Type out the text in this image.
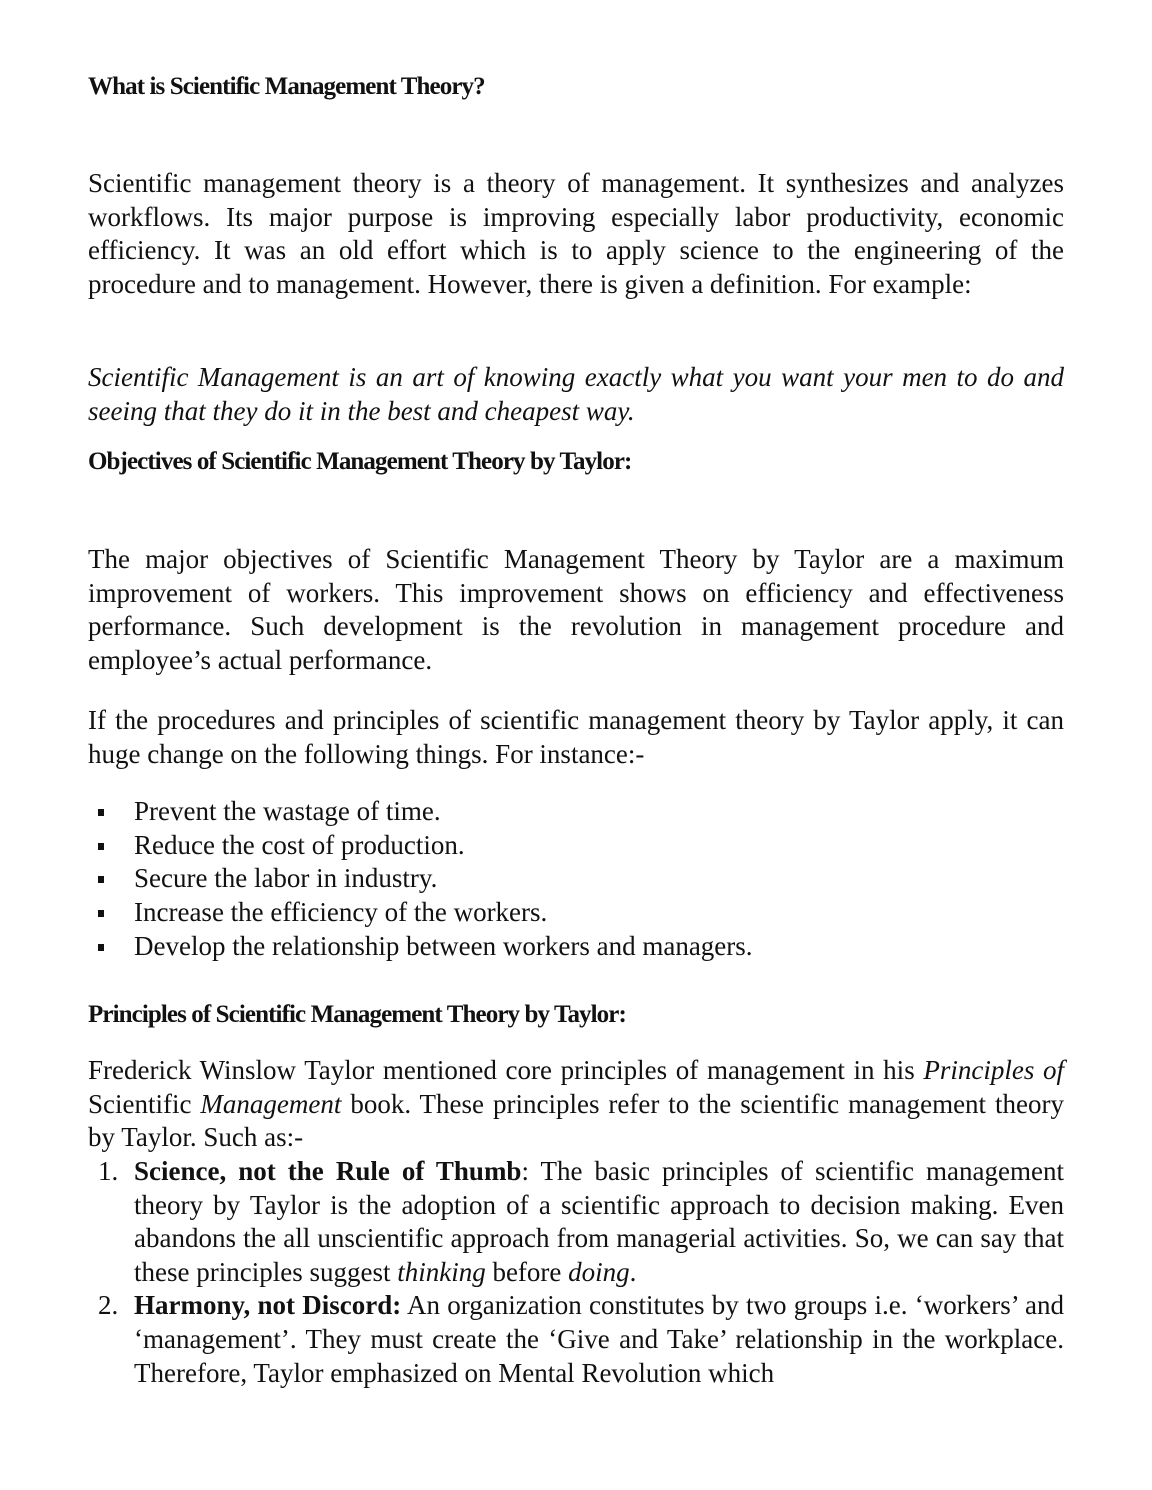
What is Scientific Management Theory?

Scientific management theory is a theory of management. It synthesizes and analyzes workflows. Its major purpose is improving especially labor productivity, economic efficiency. It was an old effort which is to apply science to the engineering of the procedure and to management. However, there is given a definition. For example:

Scientific Management is an art of knowing exactly what you want your men to do and seeing that they do it in the best and cheapest way.

Objectives of Scientific Management Theory by Taylor:

The major objectives of Scientific Management Theory by Taylor are a maximum improvement of workers. This improvement shows on efficiency and effectiveness performance. Such development is the revolution in management procedure and employee’s actual performance.

If the procedures and principles of scientific management theory by Taylor apply, it can huge change on the following things. For instance:-

Prevent the wastage of time.
Reduce the cost of production.
Secure the labor in industry.
Increase the efficiency of the workers.
Develop the relationship between workers and managers.
Principles of Scientific Management Theory by Taylor:

Frederick Winslow Taylor mentioned core principles of management in his Principles of Scientific Management book. These principles refer to the scientific management theory by Taylor. Such as:-

1. Science, not the Rule of Thumb: The basic principles of scientific management theory by Taylor is the adoption of a scientific approach to decision making. Even abandons the all unscientific approach from managerial activities. So, we can say that these principles suggest thinking before doing.
2. Harmony, not Discord: An organization constitutes by two groups i.e. ‘workers’ and ‘management’. They must create the ‘Give and Take’ relationship in the workplace. Therefore, Taylor emphasized on Mental Revolution which
